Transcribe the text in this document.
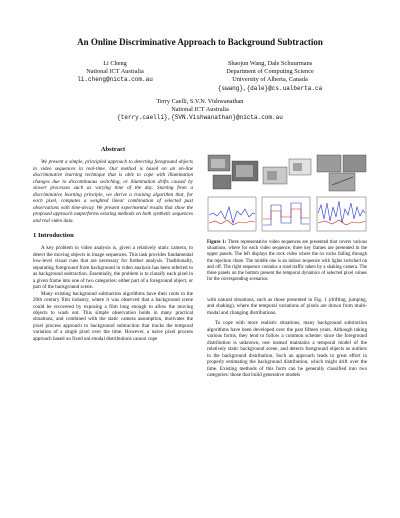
An Online Discriminative Approach to Background Subtraction
Li Cheng
National ICT Australia
li.cheng@nicta.com.au
Shaojun Wang, Dale Schuurmans
Department of Computing Science
University of Alberta, Canada
{swang},{dale}@cs.ualberta.ca
Terry Caelli, S.V.N. Vishwanathan
National ICT Australia
{terry.caelli},{SVN.Vishwanathan}@nicta.com.au
Abstract

We present a simple, principled approach to detecting foreground objects in video sequences in real-time. Our method is based on an on-line discriminative learning technique that is able to cope with illumination changes due to discontinuous switching, or illumination drifts caused by slower processes such as varying time of the day. Starting from a discriminative learning principle, we derive a training algorithm that, for each pixel, computes a weighted linear combination of selected past observations with time-decay. We present experimental results that show the proposed approach outperforms existing methods on both synthetic sequences and real video data.

1 Introduction

A key problem in video analysis is, given a relatively static camera, to detect the moving objects in image sequences. This task provides fundamental low-level visual cues that are necessary for further analysis. Traditionally, separating foreground from background in video analysis has been referred to as background subtraction. Essentially, the problem is to classify each pixel in a given frame into one of two categories: either part of a foreground object, or part of the background scene.

Many existing background subtraction algorithms have their roots in the 20th century film industry, where it was observed that a background scene could be recovered by exposing a film long enough to allow the moving objects to wash out. This simple observation holds in many practical situations, and combined with the static camera assumption, motivates the pixel process approach to background subtraction that tracks the temporal variation of a single pixel over the time. However, a naive pixel process approach based on fixed uni-modal distributions cannot cope

Figure 1: Three representative video sequences are presented that covers various situations, where for each video sequence, three key frames are presented in the upper panels. The left displays the rock video where the ox rocks falling through the rejection chute. The middle one is an indoor sequence with lights switched on and off. The right sequence contains a road traffic taken by a shaking camera. The three panels on the bottom present the temporal dynamics of selected pixel values for the corresponding scenarios.

with natural situations, such as those presented in Fig. 1 (drifting, jumping, and shaking), where the temporal variations of pixels are drawn from multi-modal and changing distributions.

To cope with more realistic situations, many background subtraction algorithms have been developed over the past fifteen years. Although taking various forms, they tend to follow a common scheme: since the foreground distribution is unknown, one instead maintains a temporal model of the relatively static background scene, and detects foreground objects as outliers in the background distribution. Such an approach leads to great effort in properly estimating the background distribution, which might drift over the time. Existing methods of this form can be generally classified into two categories: those that build generative models
